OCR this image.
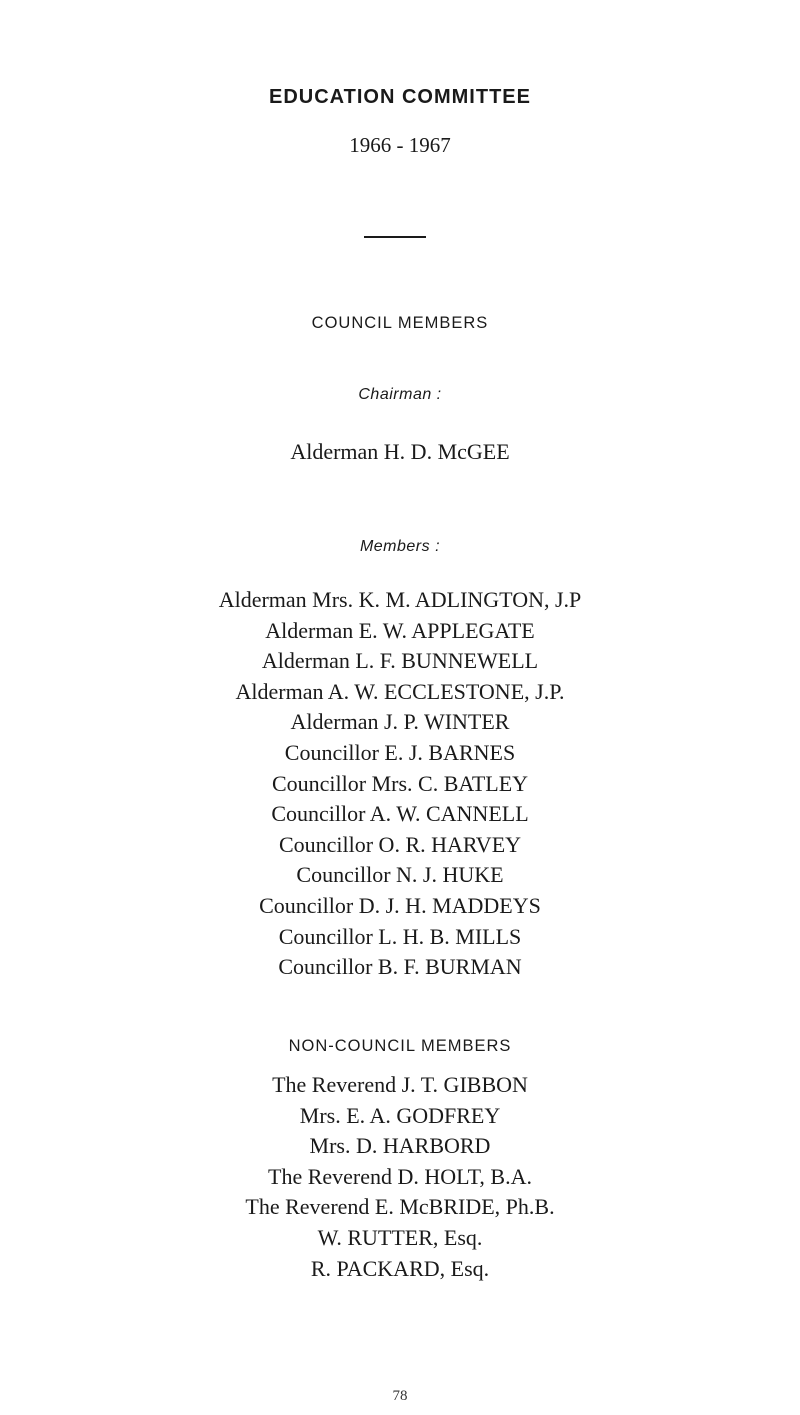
EDUCATION COMMITTEE
1966 - 1967
COUNCIL MEMBERS
Chairman :
Alderman H. D. McGEE
Members :
Alderman Mrs. K. M. ADLINGTON, J.P
Alderman E. W. APPLEGATE
Alderman L. F. BUNNEWELL
Alderman A. W. ECCLESTONE, J.P.
Alderman J. P. WINTER
Councillor E. J. BARNES
Councillor Mrs. C. BATLEY
Councillor A. W. CANNELL
Councillor O. R. HARVEY
Councillor N. J. HUKE
Councillor D. J. H. MADDEYS
Councillor L. H. B. MILLS
Councillor B. F. BURMAN
NON-COUNCIL MEMBERS
The Reverend J. T. GIBBON
Mrs. E. A. GODFREY
Mrs. D. HARBORD
The Reverend D. HOLT, B.A.
The Reverend E. McBRIDE, Ph.B.
W. RUTTER, Esq.
R. PACKARD, Esq.
78
